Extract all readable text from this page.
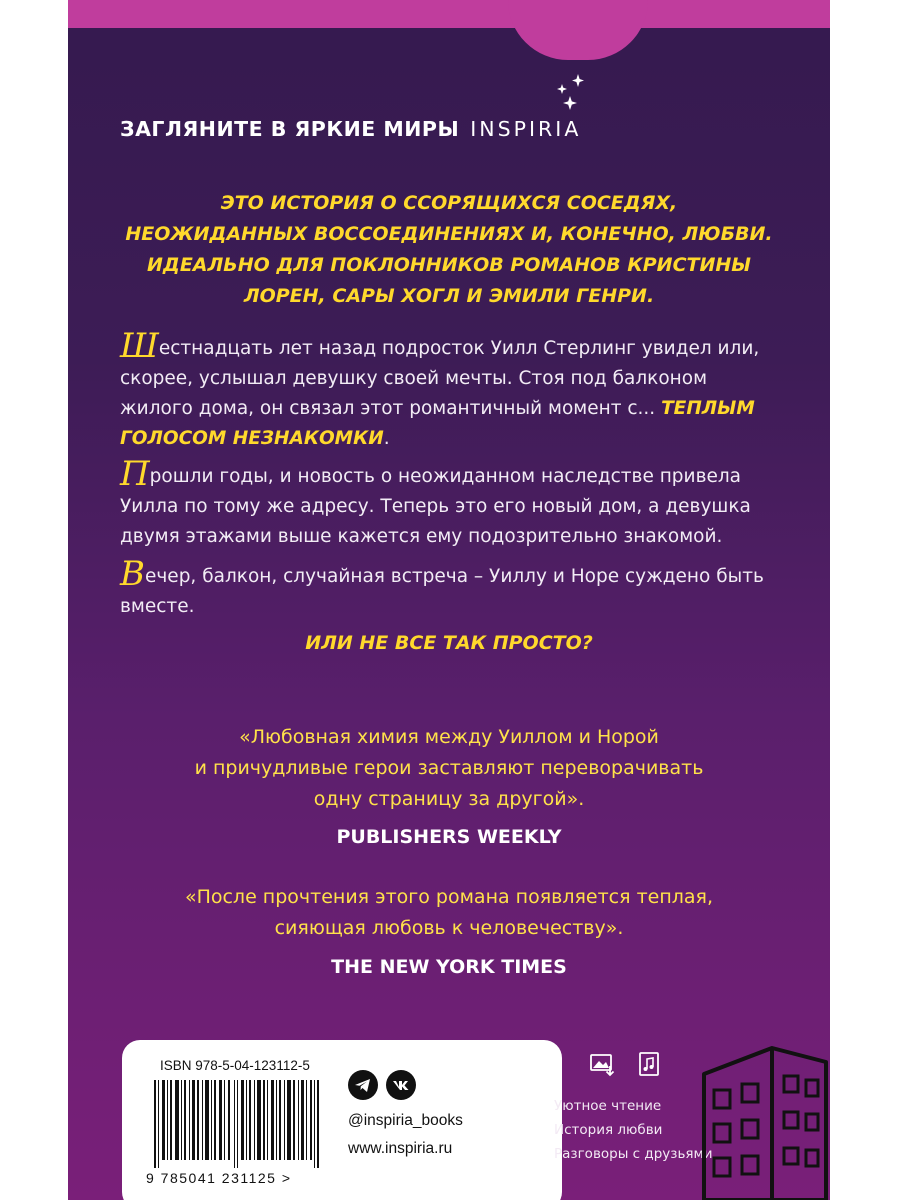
ЗАГЛЯНИТЕ В ЯРКИЕ МИРЫ INSPIRIA
ЭТО ИСТОРИЯ О ССОРЯЩИХСЯ СОСЕДЯХ,
НЕОЖИДАННЫХ ВОССОЕДИНЕНИЯХ И, КОНЕЧНО, ЛЮБВИ.
ИДЕАЛЬНО ДЛЯ ПОКЛОННИКОВ РОМАНОВ КРИСТИНЫ
ЛОРЕН, САРЫ ХОГЛ И ЭМИЛИ ГЕНРИ.
Шестнадцать лет назад подросток Уилл Стерлинг увидел или, скорее, услышал девушку своей мечты. Стоя под балконом жилого дома, он связал этот романтичный момент с... ТЕПЛЫМ ГОЛОСОМ НЕЗНАКОМКИ.
Прошли годы, и новость о неожиданном наследстве привела Уилла по тому же адресу. Теперь это его новый дом, а девушка двумя этажами выше кажется ему подозрительно знакомой.
Вечер, балкон, случайная встреча – Уиллу и Норе суждено быть вместе.
ИЛИ НЕ ВСЕ ТАК ПРОСТО?
«Любовная химия между Уиллом и Норой
и причудливые герои заставляют переворачивать
одну страницу за другой».
PUBLISHERS WEEKLY
«После прочтения этого романа появляется теплая,
сияющая любовь к человечеству».
THE NEW YORK TIMES
ISBN 978-5-04-123112-5
9 785041 231125 >
@inspiria_books
www.inspiria.ru
✦	Уютное чтение
✦	История любви
✦	Разговоры с друзьями
